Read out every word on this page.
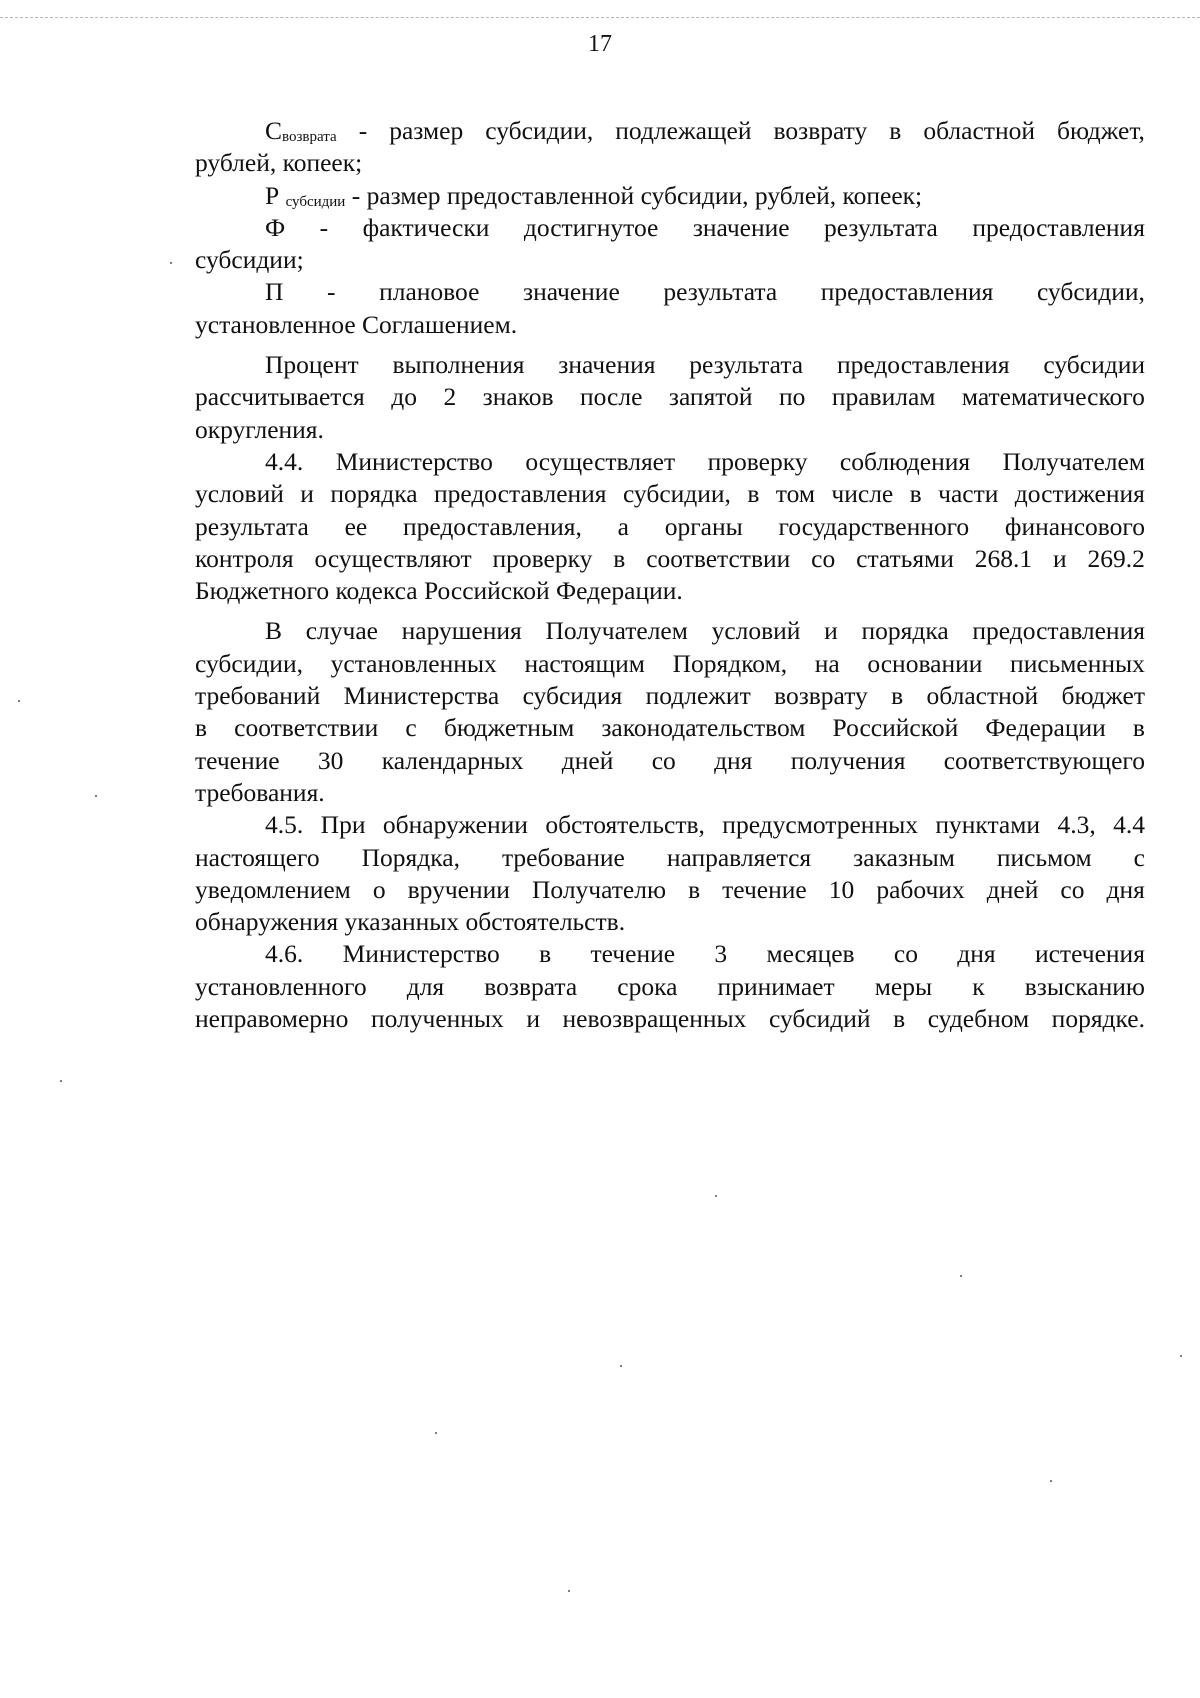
17
$С_{возврата}$ - размер субсидии, подлежащей возврату в областной бюджет,
рублей, копеек;
Р $_{субсидии}$ - размер предоставленной субсидии, рублей, копеек;
Ф - фактически достигнутое значение результата предоставления
субсидии;
П - плановое значение результата предоставления субсидии,
установленное Соглашением.
Процент выполнения значения результата предоставления субсидии
рассчитывается до 2 знаков после запятой по правилам математического
округления.
4.4. Министерство осуществляет проверку соблюдения Получателем
условий и порядка предоставления субсидии, в том числе в части достижения
результата ее предоставления, а органы государственного финансового
контроля осуществляют проверку в соответствии со статьями 268.1 и 269.2
Бюджетного кодекса Российской Федерации.
В случае нарушения Получателем условий и порядка предоставления
субсидии, установленных настоящим Порядком, на основании письменных
требований Министерства субсидия подлежит возврату в областной бюджет
в соответствии с бюджетным законодательством Российской Федерации в
течение 30 календарных дней со дня получения соответствующего
требования.
4.5. При обнаружении обстоятельств, предусмотренных пунктами 4.3, 4.4
настоящего Порядка, требование направляется заказным письмом с
уведомлением о вручении Получателю в течение 10 рабочих дней со дня
обнаружения указанных обстоятельств.
4.6. Министерство в течение 3 месяцев со дня истечения
установленного для возврата срока принимает меры к взысканию
неправомерно полученных и невозвращенных субсидий в судебном порядке.
